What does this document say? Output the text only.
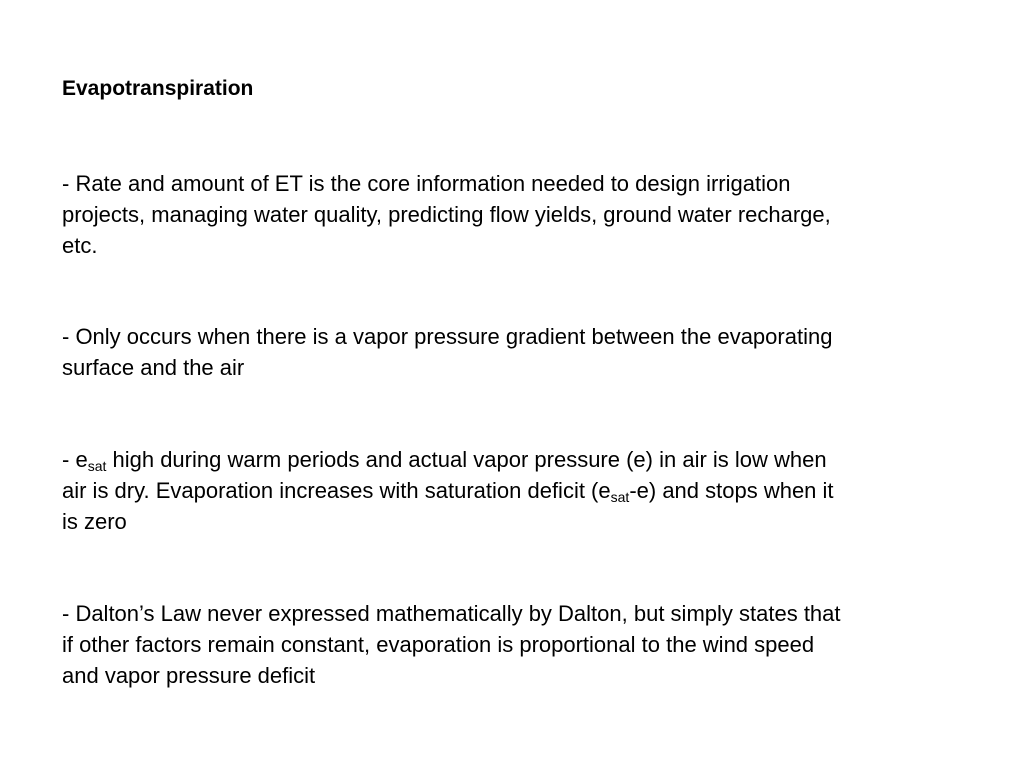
Evapotranspiration

- Rate and amount of ET is the core information needed to design irrigation
projects, managing water quality, predicting flow yields, ground water recharge,
etc.

- Only occurs when there is a vapor pressure gradient between the evaporating
surface and the air

- $e_{sat}$ high during warm periods and actual vapor pressure (e) in air is low when
air is dry. Evaporation increases with saturation deficit $(e_{sat}-e)$ and stops when it
is zero

- Dalton’s Law never expressed mathematically by Dalton, but simply states that
if other factors remain constant, evaporation is proportional to the wind speed
and vapor pressure deficit
